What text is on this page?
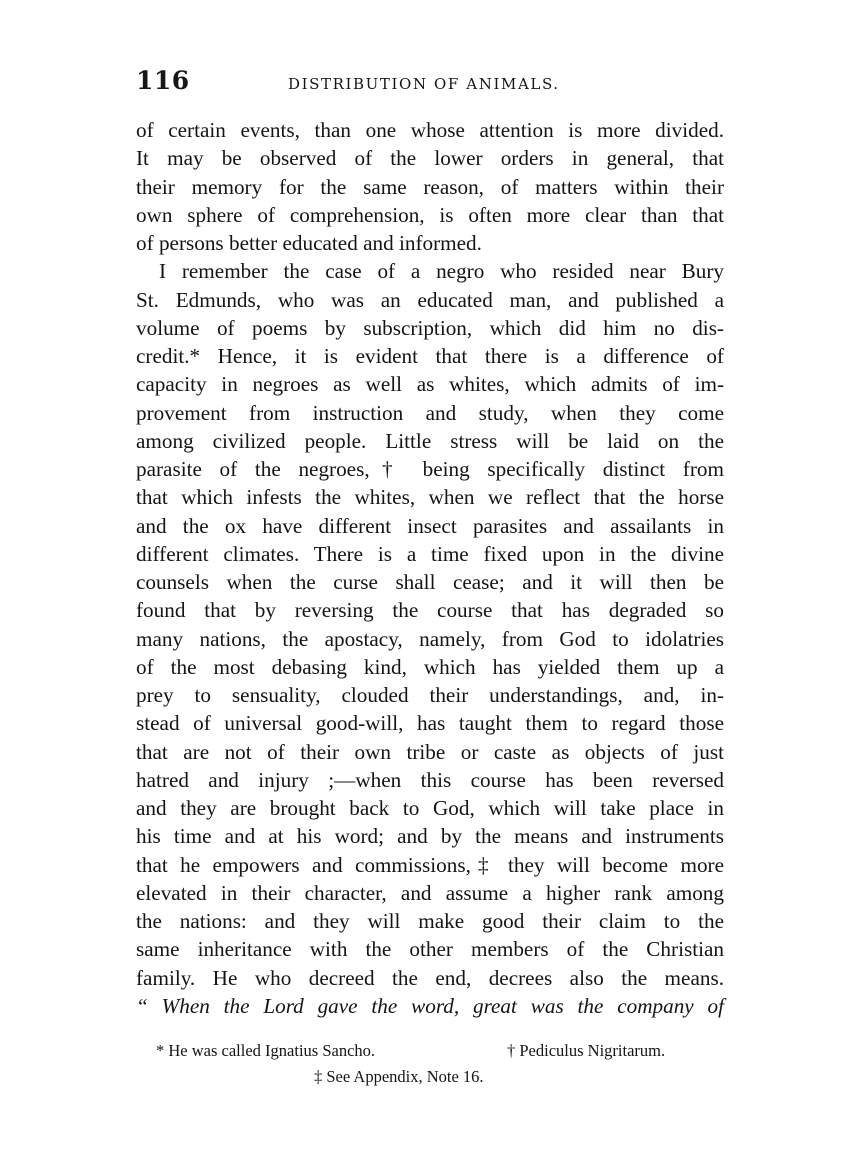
116	DISTRIBUTION OF ANIMALS.
of certain events, than one whose attention is more divided.
It may be observed of the lower orders in general, that
their memory for the same reason, of matters within their
own sphere of comprehension, is often more clear than that
of persons better educated and informed.
I remember the case of a negro who resided near Bury
St. Edmunds, who was an educated man, and published a
volume of poems by subscription, which did him no dis-
credit.* Hence, it is evident that there is a difference of
capacity in negroes as well as whites, which admits of im-
provement from instruction and study, when they come
among civilized people. Little stress will be laid on the
parasite of the negroes,† being specifically distinct from
that which infests the whites, when we reflect that the horse
and the ox have different insect parasites and assailants in
different climates. There is a time fixed upon in the divine
counsels when the curse shall cease; and it will then be
found that by reversing the course that has degraded so
many nations, the apostacy, namely, from God to idolatries
of the most debasing kind, which has yielded them up a
prey to sensuality, clouded their understandings, and, in-
stead of universal good-will, has taught them to regard those
that are not of their own tribe or caste as objects of just
hatred and injury ;—when this course has been reversed
and they are brought back to God, which will take place in
his time and at his word; and by the means and instruments
that he empowers and commissions,‡ they will become more
elevated in their character, and assume a higher rank among
the nations: and they will make good their claim to the
same inheritance with the other members of the Christian
family. He who decreed the end, decrees also the means.
“ When the Lord gave the word, great was the company of
* He was called Ignatius Sancho.	† Pediculus Nigritarum.
‡ See Appendix, Note 16.
